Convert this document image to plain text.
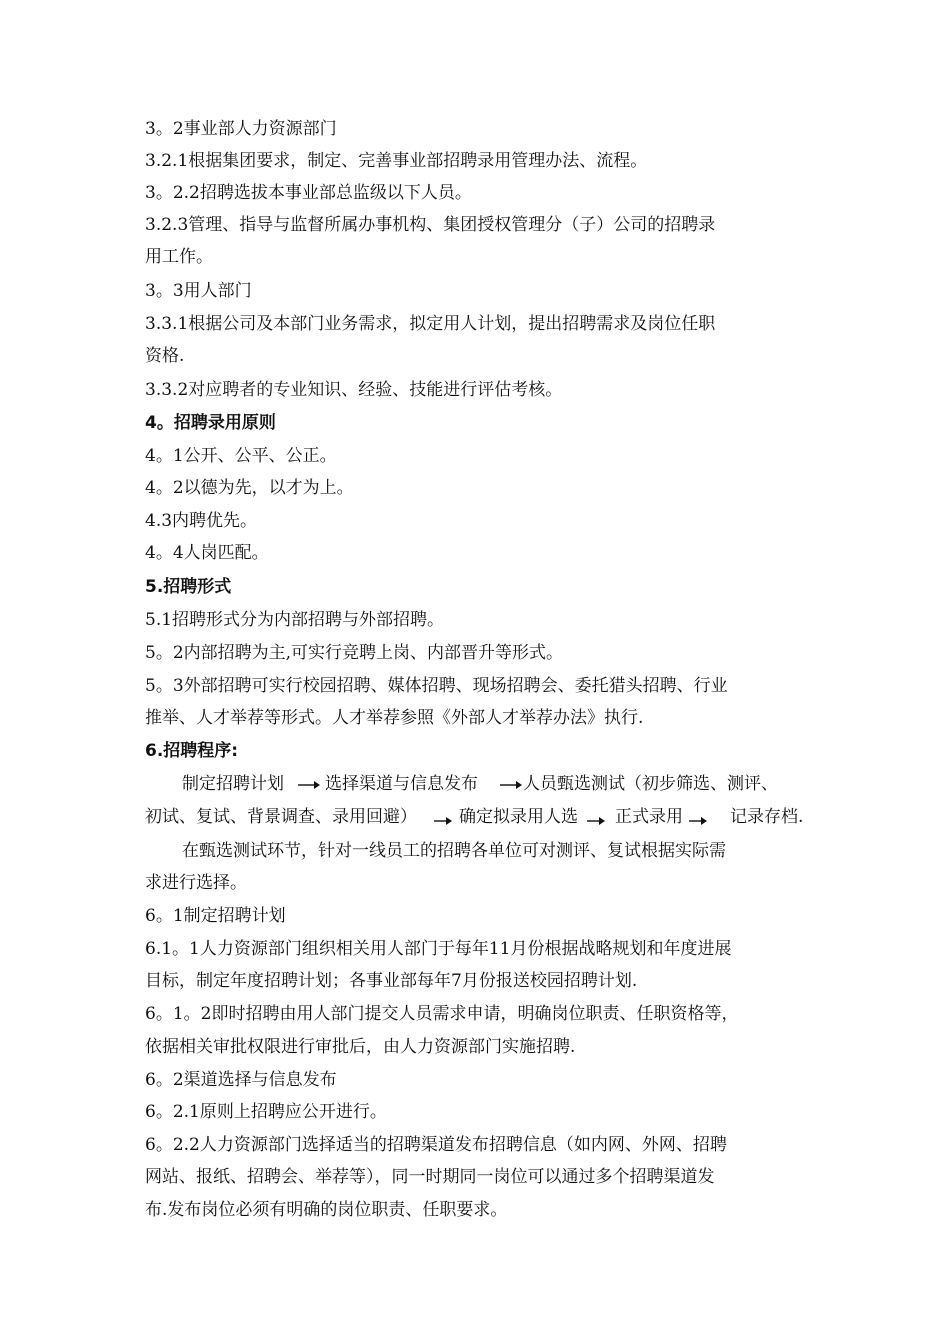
3。2事业部人力资源部门
3.2.1根据集团要求，制定、完善事业部招聘录用管理办法、流程。
3。2.2招聘选拔本事业部总监级以下人员。
3.2.3管理、指导与监督所属办事机构、集团授权管理分（子）公司的招聘录
用工作。
3。3用人部门
3.3.1根据公司及本部门业务需求，拟定用人计划，提出招聘需求及岗位任职
资格.
3.3.2对应聘者的专业知识、经验、技能进行评估考核。
4。招聘录用原则
4。1公开、公平、公正。
4。2以德为先，以才为上。
4.3内聘优先。
4。4人岗匹配。
5.招聘形式
5.1招聘形式分为内部招聘与外部招聘。
5。2内部招聘为主,可实行竞聘上岗、内部晋升等形式。
5。3外部招聘可实行校园招聘、媒体招聘、现场招聘会、委托猎头招聘、行业
推举、人才举荐等形式。人才举荐参照《外部人才举荐办法》执行.
6.招聘程序:
制定招聘计划 选择渠道与信息发布	人员甄选测试（初步筛选、测评、
初试、复试、背景调查、录用回避） 确定拟录用人选 正式录用	记录存档.
在甄选测试环节，针对一线员工的招聘各单位可对测评、复试根据实际需
求进行选择。
6。1制定招聘计划
6.1。1人力资源部门组织相关用人部门于每年11月份根据战略规划和年度进展
目标，制定年度招聘计划；各事业部每年7月份报送校园招聘计划.
6。1。2即时招聘由用人部门提交人员需求申请，明确岗位职责、任职资格等，
依据相关审批权限进行审批后，由人力资源部门实施招聘.
6。2渠道选择与信息发布
6。2.1原则上招聘应公开进行。
6。2.2人力资源部门选择适当的招聘渠道发布招聘信息（如内网、外网、招聘
网站、报纸、招聘会、举荐等），同一时期同一岗位可以通过多个招聘渠道发
布.发布岗位必须有明确的岗位职责、任职要求。
